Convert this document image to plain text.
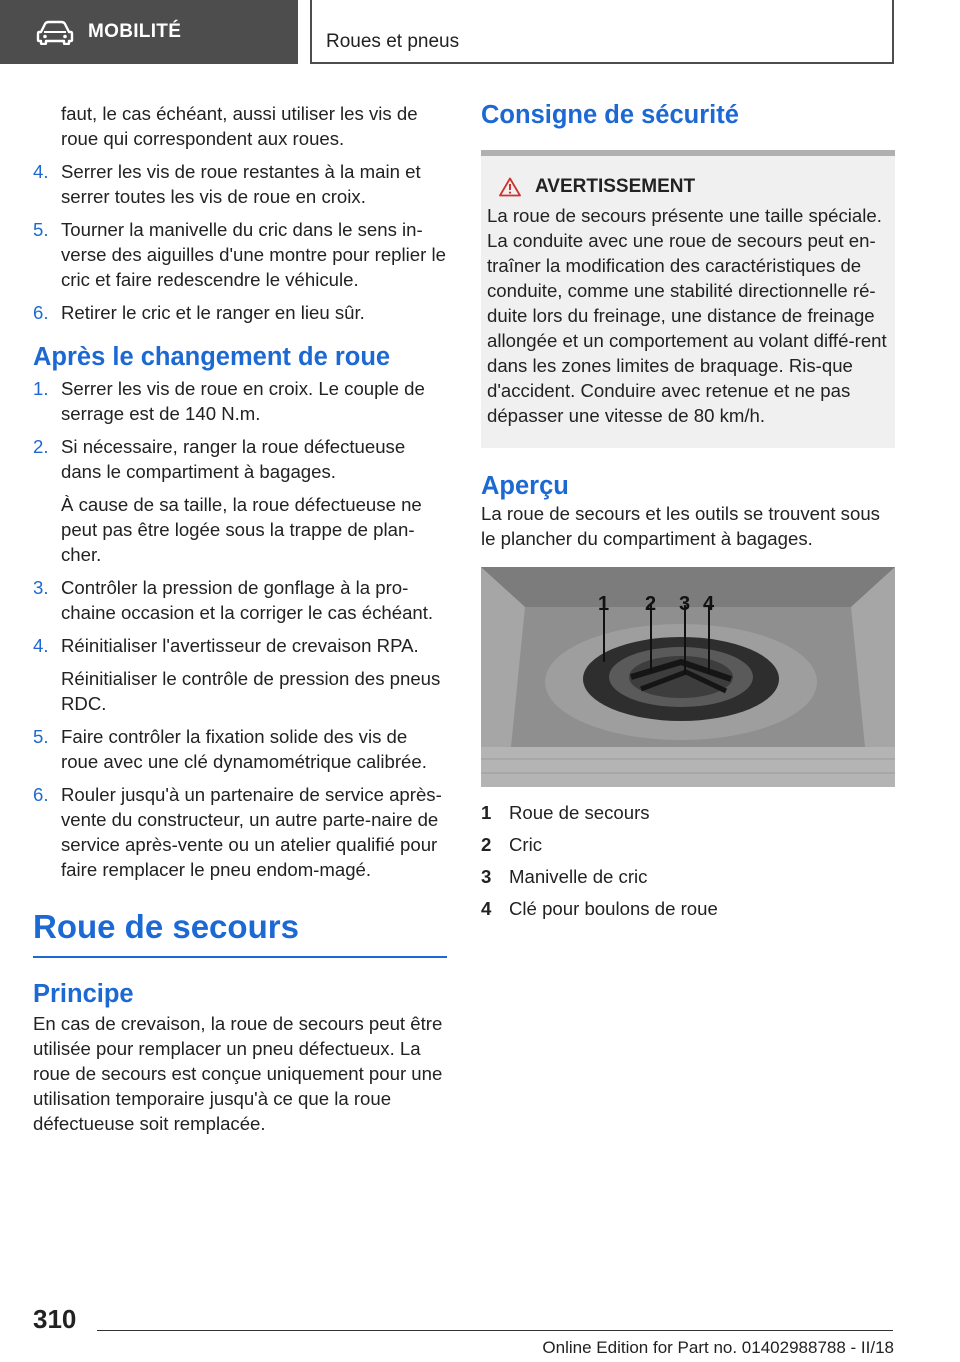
MOBILITÉ	Roues et pneus
faut, le cas échéant, aussi utiliser les vis de roue qui correspondent aux roues.
4. Serrer les vis de roue restantes à la main et serrer toutes les vis de roue en croix.
5. Tourner la manivelle du cric dans le sens in‐verse des aiguilles d'une montre pour replier le cric et faire redescendre le véhicule.
6. Retirer le cric et le ranger en lieu sûr.
Après le changement de roue
1. Serrer les vis de roue en croix. Le couple de serrage est de 140 N.m.
2. Si nécessaire, ranger la roue défectueuse dans le compartiment à bagages.
À cause de sa taille, la roue défectueuse ne peut pas être logée sous la trappe de plan‐cher.
3. Contrôler la pression de gonflage à la pro‐chaine occasion et la corriger le cas échéant.
4. Réinitialiser l'avertisseur de crevaison RPA.
Réinitialiser le contrôle de pression des pneus RDC.
5. Faire contrôler la fixation solide des vis de roue avec une clé dynamométrique calibrée.
6. Rouler jusqu'à un partenaire de service après-vente du constructeur, un autre parte‐naire de service après-vente ou un atelier qualifié pour faire remplacer le pneu endom‐magé.
Roue de secours
Principe
En cas de crevaison, la roue de secours peut être utilisée pour remplacer un pneu défectueux. La roue de secours est conçue uniquement pour une utilisation temporaire jusqu'à ce que la roue défectueuse soit remplacée.
Consigne de sécurité
AVERTISSEMENT
La roue de secours présente une taille spéciale. La conduite avec une roue de secours peut en‐traîner la modification des caractéristiques de conduite, comme une stabilité directionnelle ré‐duite lors du freinage, une distance de freinage allongée et un comportement au volant diffé‐rent dans les zones limites de braquage. Ris‐que d'accident. Conduire avec retenue et ne pas dépasser une vitesse de 80 km/h.
Aperçu
La roue de secours et les outils se trouvent sous le plancher du compartiment à bagages.
1 2 3 4
1 Roue de secours
2 Cric
3 Manivelle de cric
4 Clé pour boulons de roue
310
Online Edition for Part no. 01402988788 - II/18
